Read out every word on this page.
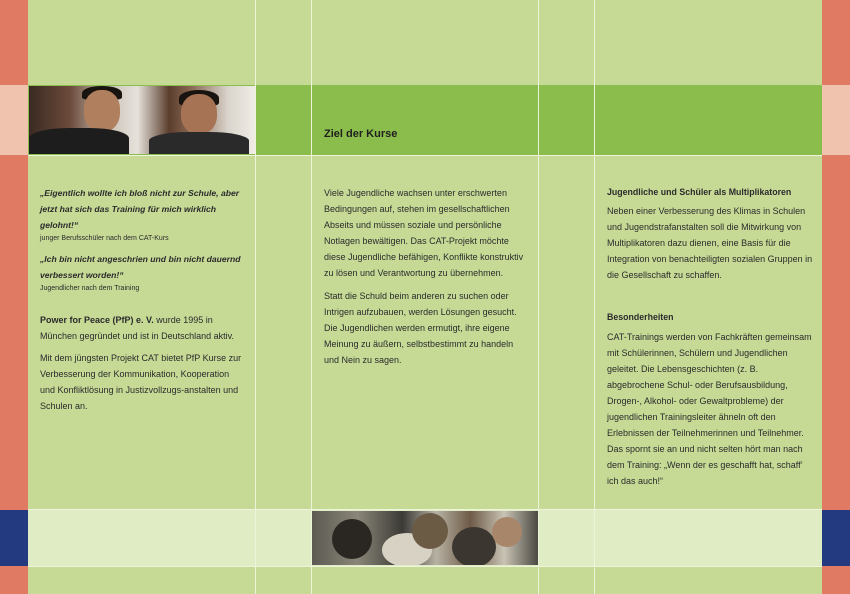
Ziel der Kurse

„Eigentlich wollte ich bloß nicht zur Schule, aber jetzt hat sich das Training für mich wirklich gelohnt!“

junger Berufsschüler nach dem CAT-Kurs

„Ich bin nicht angeschrien und bin nicht dauernd verbessert worden!“

Jugendlicher nach dem Training

Power for Peace (PfP) e. V. wurde 1995 in München gegründet und ist in Deutschland aktiv.

Mit dem jüngsten Projekt CAT bietet PfP Kurse zur Verbesserung der Kommunikation, Kooperation und Konfliktlösung in Justizvollzugs-anstalten und Schulen an.

Viele Jugendliche wachsen unter erschwerten Bedingungen auf, stehen im gesellschaftlichen Abseits und müssen soziale und persönliche Notlagen bewältigen. Das CAT-Projekt möchte diese Jugendliche befähigen, Konflikte konstruktiv zu lösen und Verantwortung zu übernehmen.

Statt die Schuld beim anderen zu suchen oder Intrigen aufzubauen, werden Lösungen gesucht. Die Jugendlichen werden ermutigt, ihre eigene Meinung zu äußern, selbstbestimmt zu handeln und Nein zu sagen.

Jugendliche und Schüler als Multiplikatoren

Neben einer Verbesserung des Klimas in Schulen und Jugendstrafanstalten soll die Mitwirkung von Multiplikatoren dazu dienen, eine Basis für die Integration von benachteiligten sozialen Gruppen in die Gesellschaft zu schaffen.

Besonderheiten

CAT-Trainings werden von Fachkräften gemeinsam mit Schülerinnen, Schülern und Jugendlichen geleitet. Die Lebensgeschichten (z. B. abgebrochene Schul- oder Berufsausbildung, Drogen-, Alkohol- oder Gewaltprobleme) der jugendlichen Trainingsleiter ähneln oft den Erlebnissen der Teilnehmerinnen und Teilnehmer. Das spornt sie an und nicht selten hört man nach dem Training: „Wenn der es geschafft hat, schaff’ ich das auch!“
